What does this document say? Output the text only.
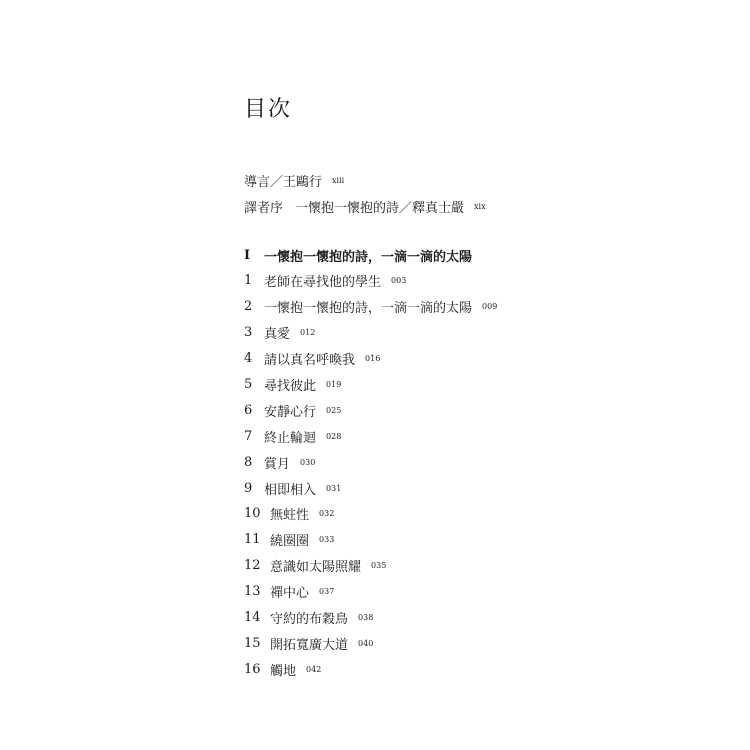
目次
導言／王鷗行 xiii
譯者序 一懷抱一懷抱的詩／釋真士嚴 xix
I	一懷抱一懷抱的詩，一滴一滴的太陽
1 老師在尋找他的學生 003
2 一懷抱一懷抱的詩，一滴一滴的太陽 009
3 真愛 012
4 請以真名呼喚我 016
5 尋找彼此 019
6 安靜心行 025
7 終止輪迴 028
8 賞月 030
9 相即相入 031
10 無蛀性 032
11 繞圈圈 033
12 意識如太陽照耀 035
13 禪中心 037
14 守約的布穀鳥 038
15 開拓寬廣大道 040
16 觸地 042
